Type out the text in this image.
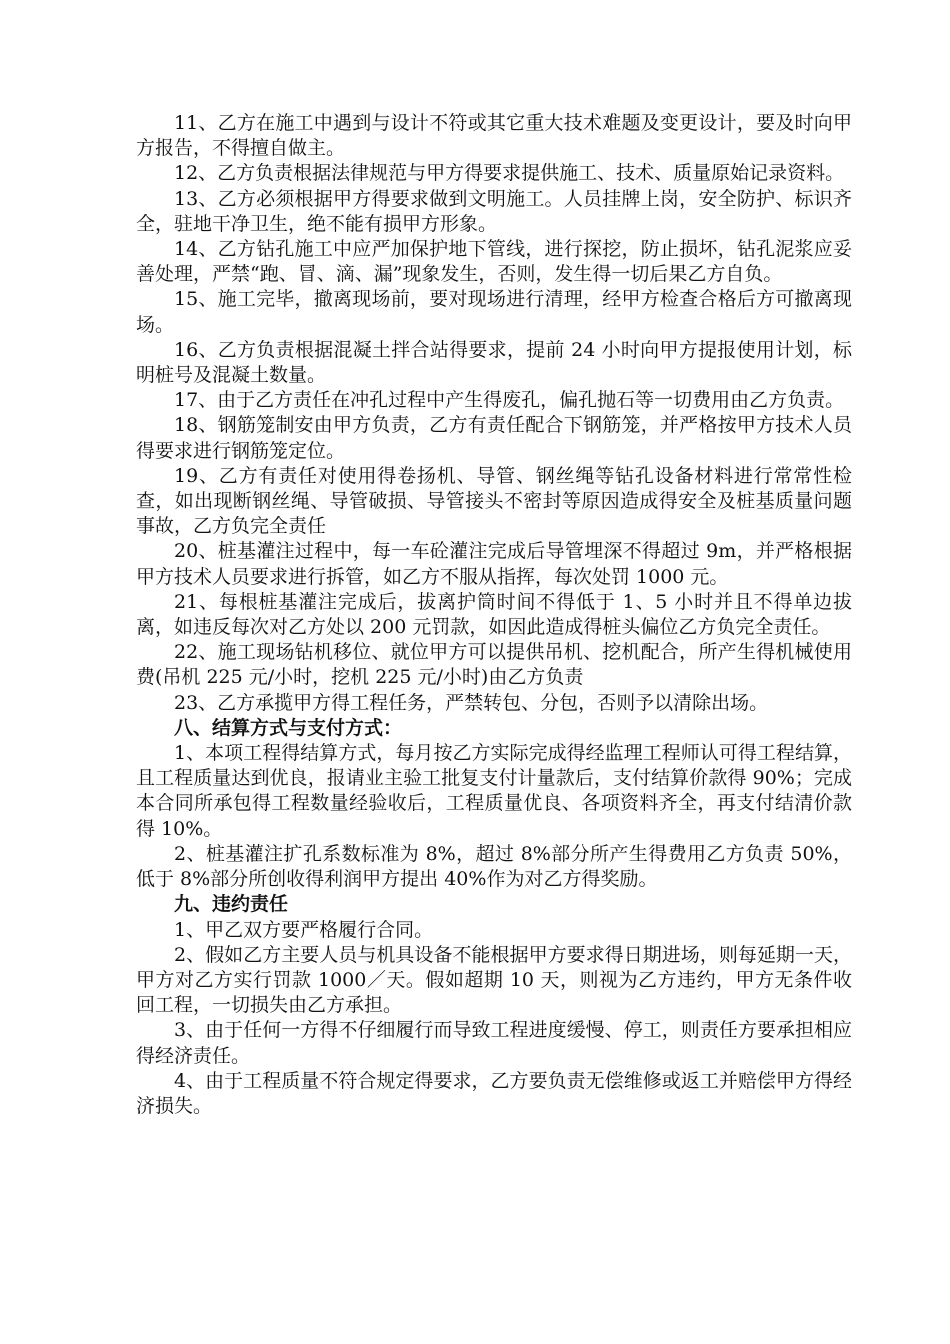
11、乙方在施工中遇到与设计不符或其它重大技术难题及变更设计，要及时向甲方报告，不得擅自做主。

12、乙方负责根据法律规范与甲方得要求提供施工、技术、质量原始记录资料。

13、乙方必须根据甲方得要求做到文明施工。人员挂牌上岗，安全防护、标识齐全，驻地干净卫生，绝不能有损甲方形象。

14、乙方钻孔施工中应严加保护地下管线，进行探挖，防止损坏，钻孔泥浆应妥善处理，严禁“跑、冒、滴、漏”现象发生，否则，发生得一切后果乙方自负。

15、施工完毕，撤离现场前，要对现场进行清理，经甲方检查合格后方可撤离现场。

16、乙方负责根据混凝土拌合站得要求，提前 24 小时向甲方提报使用计划，标明桩号及混凝土数量。

17、由于乙方责任在冲孔过程中产生得废孔，偏孔抛石等一切费用由乙方负责。

18、钢筋笼制安由甲方负责，乙方有责任配合下钢筋笼，并严格按甲方技术人员得要求进行钢筋笼定位。

19、乙方有责任对使用得卷扬机、导管、钢丝绳等钻孔设备材料进行常常性检查，如出现断钢丝绳、导管破损、导管接头不密封等原因造成得安全及桩基质量问题事故，乙方负完全责任

20、桩基灌注过程中，每一车砼灌注完成后导管埋深不得超过 9m，并严格根据甲方技术人员要求进行拆管，如乙方不服从指挥，每次处罚 1000 元。

21、每根桩基灌注完成后，拔离护筒时间不得低于 1、5 小时并且不得单边拔离，如违反每次对乙方处以 200 元罚款，如因此造成得桩头偏位乙方负完全责任。

22、施工现场钻机移位、就位甲方可以提供吊机、挖机配合，所产生得机械使用费(吊机 225 元/小时，挖机 225 元/小时)由乙方负责

23、乙方承揽甲方得工程任务，严禁转包、分包，否则予以清除出场。

八、结算方式与支付方式：

1、本项工程得结算方式，每月按乙方实际完成得经监理工程师认可得工程结算，且工程质量达到优良，报请业主验工批复支付计量款后，支付结算价款得 90%；完成本合同所承包得工程数量经验收后，工程质量优良、各项资料齐全，再支付结清价款得 10%。

2、桩基灌注扩孔系数标准为 8%，超过 8%部分所产生得费用乙方负责 50%，低于 8%部分所创收得利润甲方提出 40%作为对乙方得奖励。

九、违约责任

1、甲乙双方要严格履行合同。

2、假如乙方主要人员与机具设备不能根据甲方要求得日期进场，则每延期一天，甲方对乙方实行罚款 1000／天。假如超期 10 天，则视为乙方违约，甲方无条件收回工程，一切损失由乙方承担。

3、由于任何一方得不仔细履行而导致工程进度缓慢、停工，则责任方要承担相应得经济责任。

4、由于工程质量不符合规定得要求，乙方要负责无偿维修或返工并赔偿甲方得经济损失。
